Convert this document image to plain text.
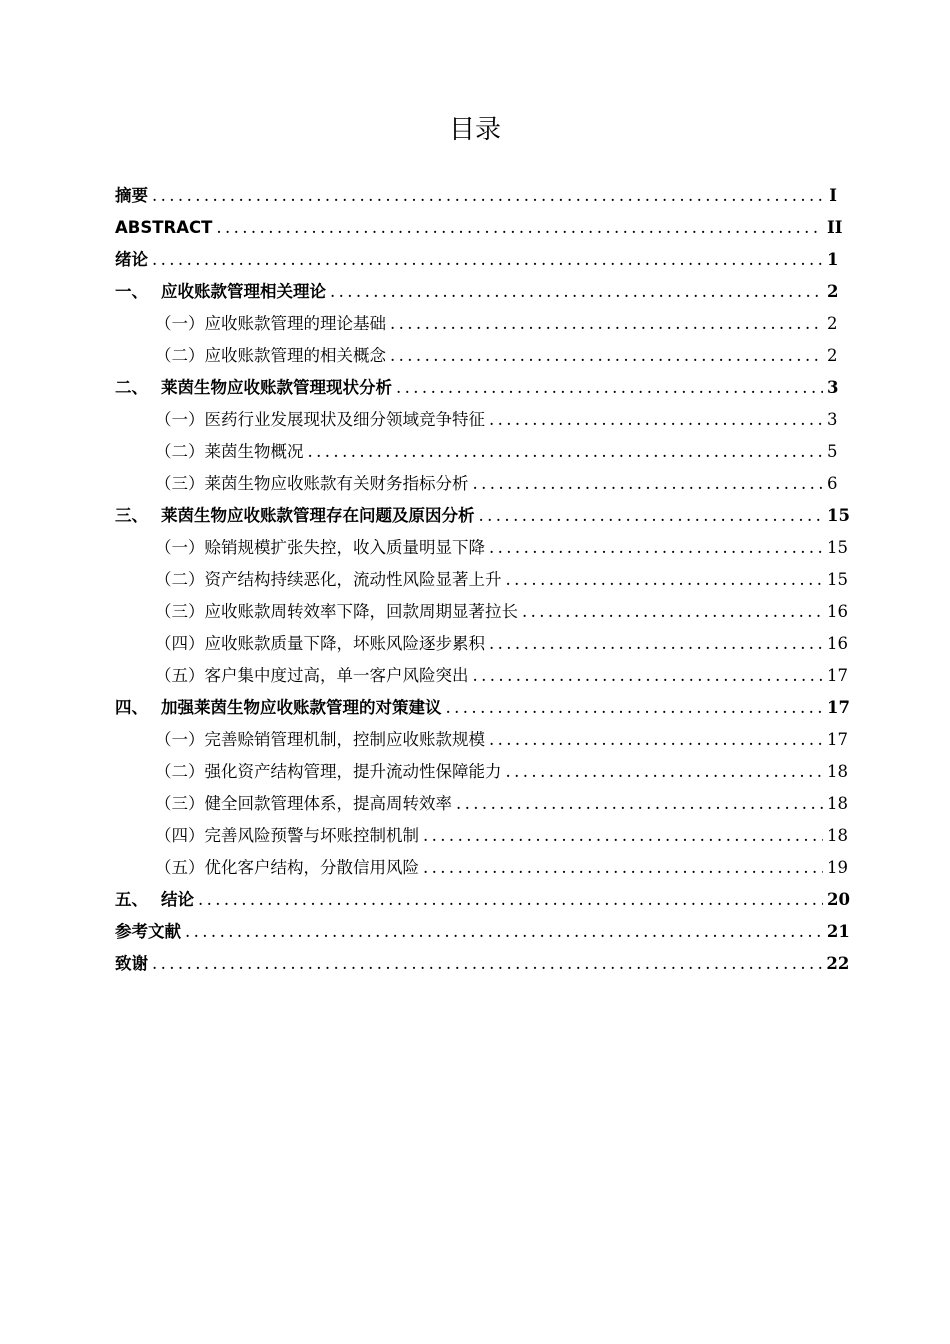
目录
摘要 .....	I
ABSTRACT .....	II
绪论 .....	1
一、 应收账款管理相关理论 .....	2
（一）应收账款管理的理论基础 .....	2
（二）应收账款管理的相关概念 .....	2
二、 莱茵生物应收账款管理现状分析 .....	3
（一）医药行业发展现状及细分领域竞争特征 .....	3
（二）莱茵生物概况 .....	5
（三）莱茵生物应收账款有关财务指标分析 .....	6
三、 莱茵生物应收账款管理存在问题及原因分析 .....	15
（一）赊销规模扩张失控，收入质量明显下降 .....	15
（二）资产结构持续恶化，流动性风险显著上升 .....	15
（三）应收账款周转效率下降，回款周期显著拉长 .....	16
（四）应收账款质量下降，坏账风险逐步累积 .....	16
（五）客户集中度过高，单一客户风险突出 .....	17
四、 加强莱茵生物应收账款管理的对策建议 .....	17
（一）完善赊销管理机制，控制应收账款规模 .....	17
（二）强化资产结构管理，提升流动性保障能力 .....	18
（三）健全回款管理体系，提高周转效率 .....	18
（四）完善风险预警与坏账控制机制 .....	18
（五）优化客户结构，分散信用风险 .....	19
五、 结论 .....	20
参考文献 .....	21
致谢 .....	22
